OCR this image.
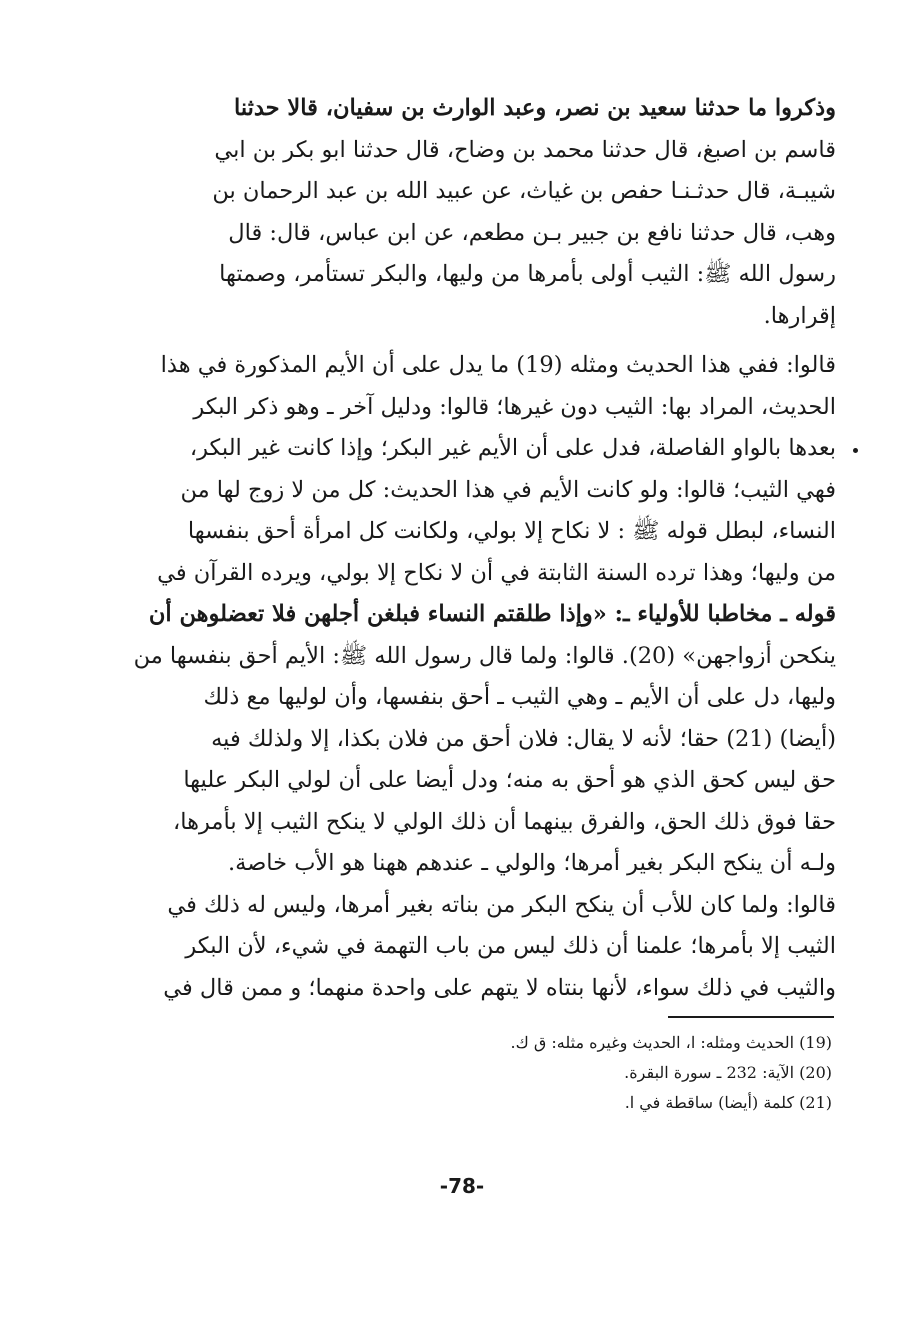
وذكروا ما حدثنا سعيد بن نصر، وعبد الوارث بن سفيان، قالا حدثنا
قاسم بن اصبغ، قال حدثنا محمد بن وضاح، قال حدثنا ابو بكر بن ابي
شيبـة، قال حدثـنـا حفص بن غياث، عن عبيد الله بن عبد الرحمان بن
وهب، قال حدثنا نافع بن جبير بـن مطعم، عن ابن عباس، قال: قال
رسول الله ﷺ: الثيب أولى بأمرها من وليها، والبكر تستأمر، وصمتها
إقرارها.
قالوا: ففي هذا الحديث ومثله (19) ما يدل على أن الأيم المذكورة في هذا
الحديث، المراد بها: الثيب دون غيرها؛ قالوا: ودليل آخر ـ وهو ذكر البكر
بعدها بالواو الفاصلة، فدل على أن الأيم غير البكر؛ وإذا كانت غير البكر،
فهي الثيب؛ قالوا: ولو كانت الأيم في هذا الحديث: كل من لا زوج لها من
النساء، لبطل قوله ﷺ : لا نكاح إلا بولي، ولكانت كل امرأة أحق بنفسها
من وليها؛ وهذا ترده السنة الثابتة في أن لا نكاح إلا بولي، ويرده القرآن في
قوله ـ مخاطبا للأولياء ـ: «وإذا طلقتم النساء فبلغن أجلهن فلا تعضلوهن أن
ينكحن أزواجهن» (20). قالوا: ولما قال رسول الله ﷺ: الأيم أحق بنفسها من
وليها، دل على أن الأيم ـ وهي الثيب ـ أحق بنفسها، وأن لوليها مع ذلك
(أيضا) (21) حقا؛ لأنه لا يقال: فلان أحق من فلان بكذا، إلا ولذلك فيه
حق ليس كحق الذي هو أحق به منه؛ ودل أيضا على أن لولي البكر عليها
حقا فوق ذلك الحق، والفرق بينهما أن ذلك الولي لا ينكح الثيب إلا بأمرها،
ولـه أن ينكح البكر بغير أمرها؛ والولي ـ عندهم ههنا هو الأب خاصة.
قالوا: ولما كان للأب أن ينكح البكر من بناته بغير أمرها، وليس له ذلك في
الثيب إلا بأمرها؛ علمنا أن ذلك ليس من باب التهمة في شيء، لأن البكر
والثيب في ذلك سواء، لأنها بنتاه لا يتهم على واحدة منهما؛ و ممن قال في
(19) الحديث ومثله: ا، الحديث وغيره مثله: ق ك.
(20) الآية: 232 ـ سورة البقرة.
(21) كلمة (أيضا) ساقطة في ا.
-78-
